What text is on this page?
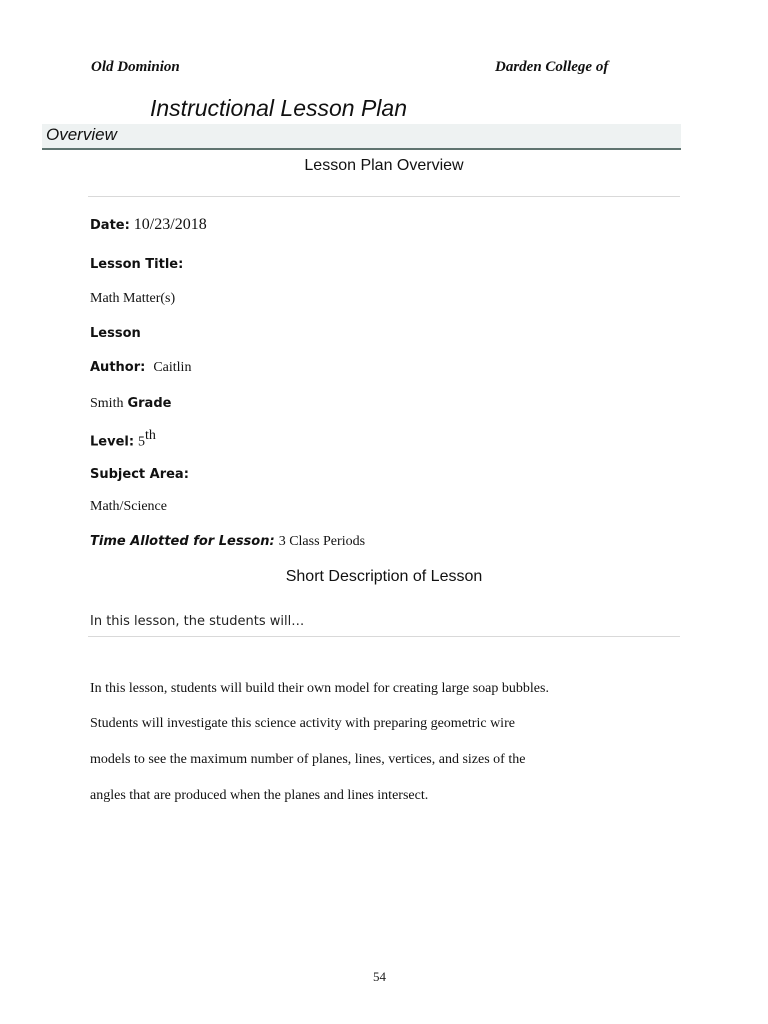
Old Dominion	Darden College of
Instructional Lesson Plan
Overview
Lesson Plan Overview
Date: 10/23/2018
Lesson Title:
Math Matter(s)
Lesson
Author: Caitlin
Smith Grade
Level: 5th
Subject Area:
Math/Science
Time Allotted for Lesson: 3 Class Periods
Short Description of Lesson
In this lesson, the students will…
In this lesson, students will build their own model for creating large soap bubbles.
Students will investigate this science activity with preparing geometric wire
models to see the maximum number of planes, lines, vertices, and sizes of the
angles that are produced when the planes and lines intersect.
54
